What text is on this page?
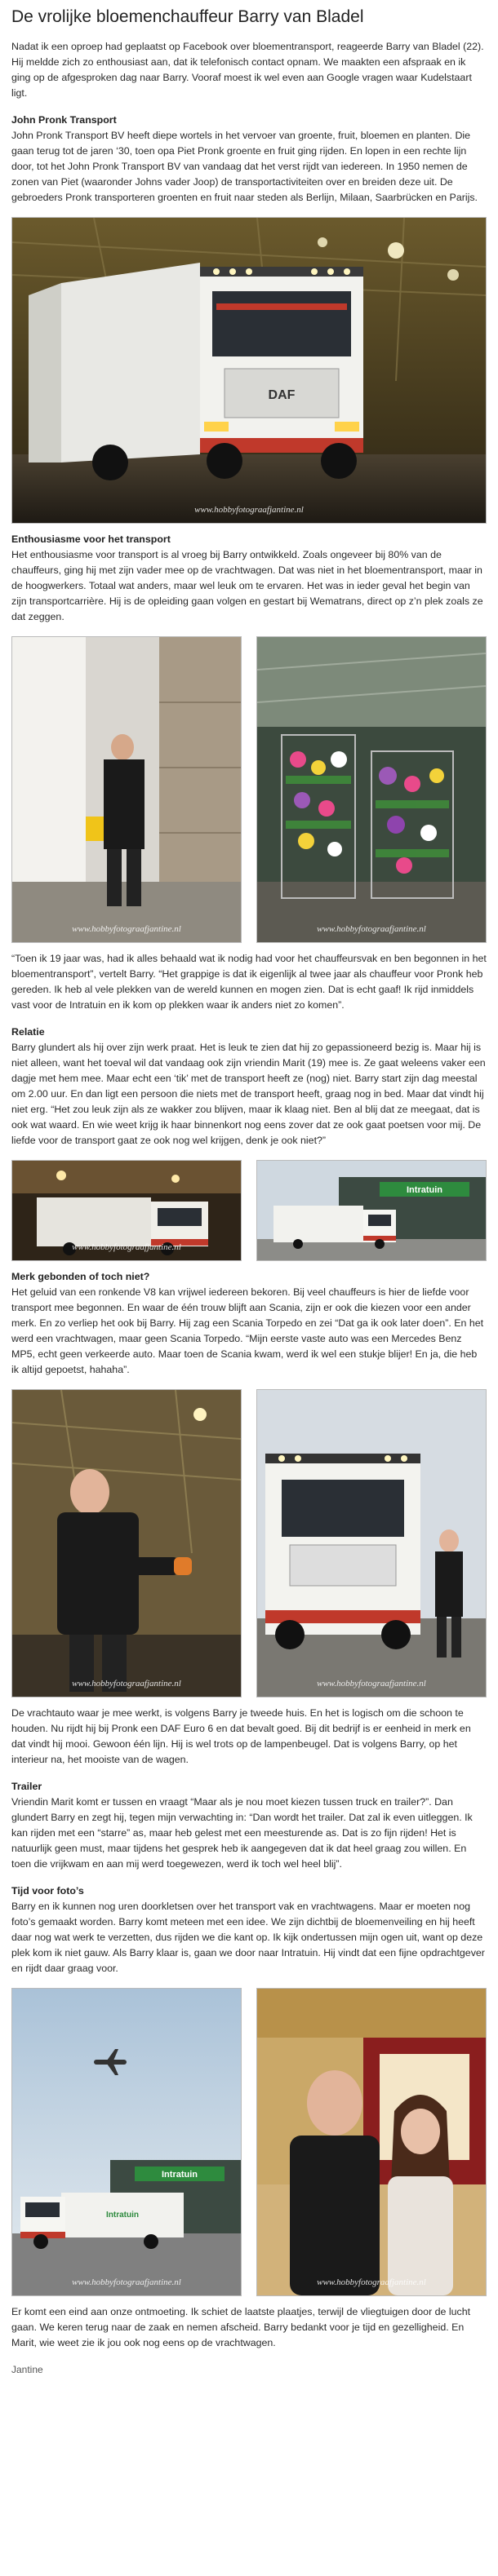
De vrolijke bloemenchauffeur Barry van Bladel

Nadat ik een oproep had geplaatst op Facebook over bloementransport, reageerde Barry van Bladel (22). Hij meldde zich zo enthousiast aan, dat ik telefonisch contact opnam. We maakten een afspraak en ik ging op de afgesproken dag naar Barry. Vooraf moest ik wel even aan Google vragen waar Kudelstaart ligt.

John Pronk Transport

John Pronk Transport BV heeft diepe wortels in het vervoer van groente, fruit, bloemen en planten. Die gaan terug tot de jaren ‘30, toen opa Piet Pronk groente en fruit ging rijden. En lopen in een rechte lijn door, tot het John Pronk Transport BV van vandaag dat het verst rijdt van iedereen. In 1950 nemen de zonen van Piet (waaronder Johns vader Joop) de transportactiviteiten over en breiden deze uit. De gebroeders Pronk transporteren groenten en fruit naar steden als Berlijn, Milaan, Saarbrücken en Parijs.

DAF
www.hobbyfotograafjantine.nl
Enthousiasme voor het transport

Het enthousiasme voor transport is al vroeg bij Barry ontwikkeld. Zoals ongeveer bij 80% van de chauffeurs, ging hij met zijn vader mee op de vrachtwagen. Dat was niet in het bloementransport, maar in de hoogwerkers. Totaal wat anders, maar wel leuk om te ervaren. Het was in ieder geval het begin van zijn transportcarrière. Hij is de opleiding gaan volgen en gestart bij Wematrans, direct op z’n plek zoals ze dat zeggen.

www.hobbyfotograafjantine.nl	www.hobbyfotograafjantine.nl

“Toen ik 19 jaar was, had ik alles behaald wat ik nodig had voor het chauffeursvak en ben begonnen in het bloementransport”, vertelt Barry. “Het grappige is dat ik eigenlijk al twee jaar als chauffeur voor Pronk heb gereden. Ik heb al vele plekken van de wereld kunnen en mogen zien. Dat is echt gaaf! Ik rijd inmiddels vast voor de Intratuin en ik kom op plekken waar ik anders niet zo komen”.

Relatie

Barry glundert als hij over zijn werk praat. Het is leuk te zien dat hij zo gepassioneerd bezig is. Maar hij is niet alleen, want het toeval wil dat vandaag ook zijn vriendin Marit (19) mee is. Ze gaat weleens vaker een dagje met hem mee. Maar echt een ‘tik’ met de transport heeft ze (nog) niet. Barry start zijn dag meestal om 2.00 uur. En dan ligt een persoon die niets met de transport heeft, graag nog in bed. Maar dat vindt hij niet erg. “Het zou leuk zijn als ze wakker zou blijven, maar ik klaag niet. Ben al blij dat ze meegaat, dat is ook wat waard. En wie weet krijg ik haar binnenkort nog eens zover dat ze ook gaat poetsen voor mij. De liefde voor de transport gaat ze ook nog wel krijgen, denk je ook niet?”

www.hobbyfotograafjantine.nl
Intratuin
Merk gebonden of toch niet?

Het geluid van een ronkende V8 kan vrijwel iedereen bekoren. Bij veel chauffeurs is hier de liefde voor transport mee begonnen. En waar de één trouw blijft aan Scania, zijn er ook die kiezen voor een ander merk. En zo verliep het ook bij Barry. Hij zag een Scania Torpedo en zei “Dat ga ik ook later doen”. En het werd een vrachtwagen, maar geen Scania Torpedo. “Mijn eerste vaste auto was een Mercedes Benz MP5, echt geen verkeerde auto. Maar toen de Scania kwam, werd ik wel een stukje blijer! En ja, die heb ik altijd gepoetst, hahaha”.

www.hobbyfotograafjantine.nl	www.hobbyfotograafjantine.nl

De vrachtauto waar je mee werkt, is volgens Barry je tweede huis. En het is logisch om die schoon te houden. Nu rijdt hij bij Pronk een DAF Euro 6 en dat bevalt goed. Bij dit bedrijf is er eenheid in merk en dat vindt hij mooi. Gewoon één lijn. Hij is wel trots op de lampenbeugel. Dat is volgens Barry, op het interieur na, het mooiste van de wagen.

Trailer

Vriendin Marit komt er tussen en vraagt “Maar als je nou moet kiezen tussen truck en trailer?”. Dan glundert Barry en zegt hij, tegen mijn verwachting in: “Dan wordt het trailer. Dat zal ik even uitleggen. Ik kan rijden met een “starre” as, maar heb gelest met een meesturende as. Dat is zo fijn rijden! Het is natuurlijk geen must, maar tijdens het gesprek heb ik aangegeven dat ik dat heel graag zou willen. En toen die vrijkwam en aan mij werd toegewezen, werd ik toch wel heel blij”.

Tijd voor foto’s

Barry en ik kunnen nog uren doorkletsen over het transport vak en vrachtwagens. Maar er moeten nog foto’s gemaakt worden. Barry komt meteen met een idee. We zijn dichtbij de bloemenveiling en hij heeft daar nog wat werk te verzetten, dus rijden we die kant op. Ik kijk ondertussen mijn ogen uit, want op deze plek kom ik niet gauw. Als Barry klaar is, gaan we door naar Intratuin. Hij vindt dat een fijne opdrachtgever en rijdt daar graag voor.

Intratuin
Intratuin
www.hobbyfotograafjantine.nl	www.hobbyfotograafjantine.nl

Er komt een eind aan onze ontmoeting. Ik schiet de laatste plaatjes, terwijl de vliegtuigen door de lucht gaan. We keren terug naar de zaak en nemen afscheid. Barry bedankt voor je tijd en gezelligheid. En Marit, wie weet zie ik jou ook nog eens op de vrachtwagen.

Jantine
